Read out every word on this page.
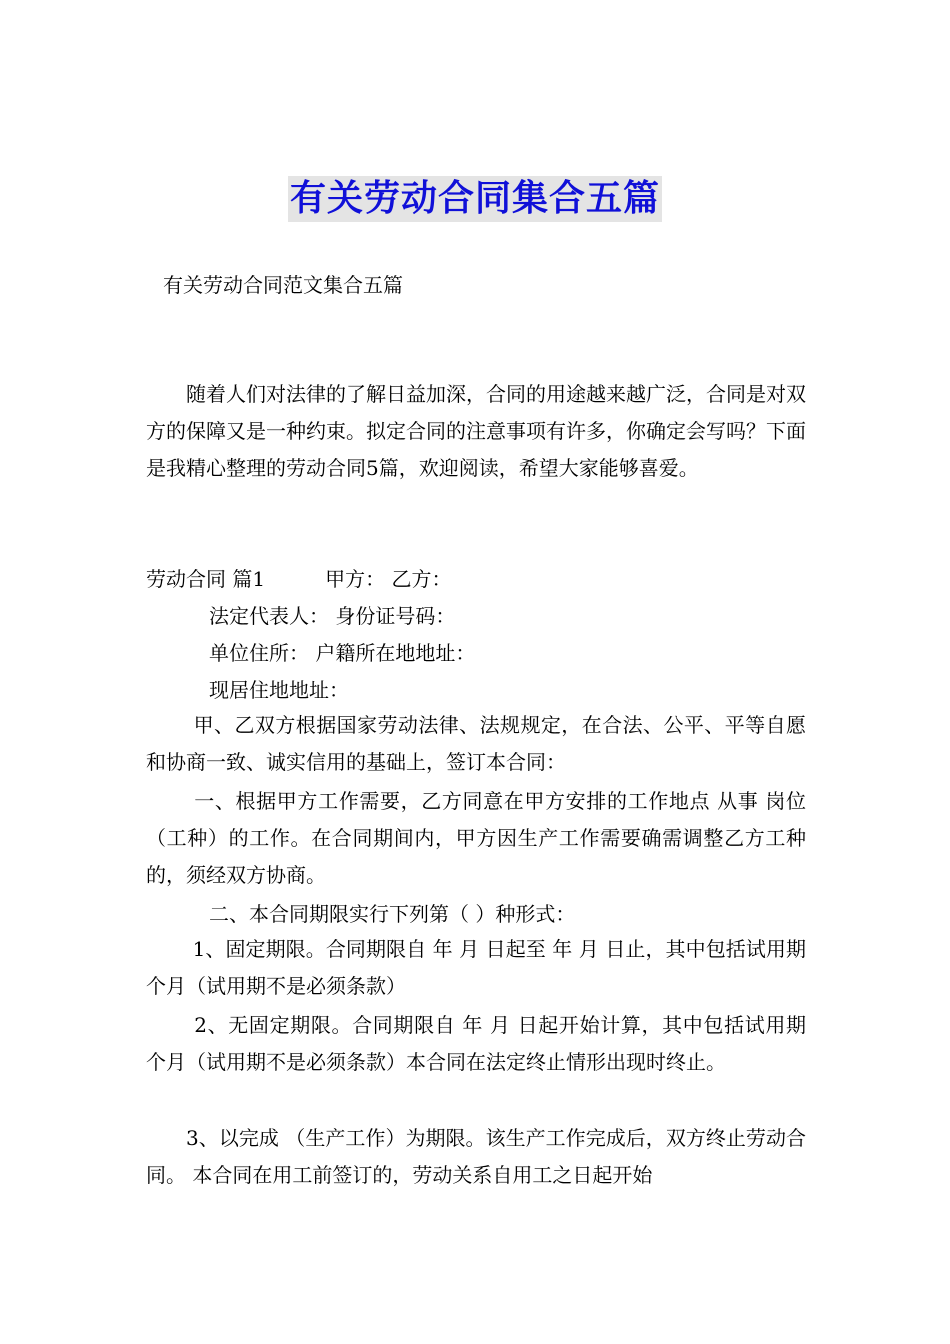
有关劳动合同集合五篇
有关劳动合同范文集合五篇
　　随着人们对法律的了解日益加深，合同的用途越来越广泛，合同是对双方的保障又是一种约束。拟定合同的注意事项有许多，你确定会写吗？下面是我精心整理的劳动合同5篇，欢迎阅读，希望大家能够喜爱。
劳动合同 篇1　　　甲方： 乙方：
法定代表人： 身份证号码：
单位住所： 户籍所在地地址：
现居住地地址：
　　 甲、乙双方根据国家劳动法律、法规规定，在合法、公平、平等自愿和协商一致、诚实信用的基础上，签订本合同：
　　 一、根据甲方工作需要，乙方同意在甲方安排的工作地点 从事 岗位（工种）的工作。在合同期间内，甲方因生产工作需要确需调整乙方工种的，须经双方协商。
二、本合同期限实行下列第（ ）种形式：
　　 1、固定期限。合同期限自 年 月 日起至 年 月 日止，其中包括试用期 个月（试用期不是必须条款）
　　 2、无固定期限。合同期限自 年 月 日起开始计算，其中包括试用期 个月（试用期不是必须条款）本合同在法定终止情形出现时终止。
　　3、以完成 （生产工作）为期限。该生产工作完成后，双方终止劳动合同。 本合同在用工前签订的，劳动关系自用工之日起开始
